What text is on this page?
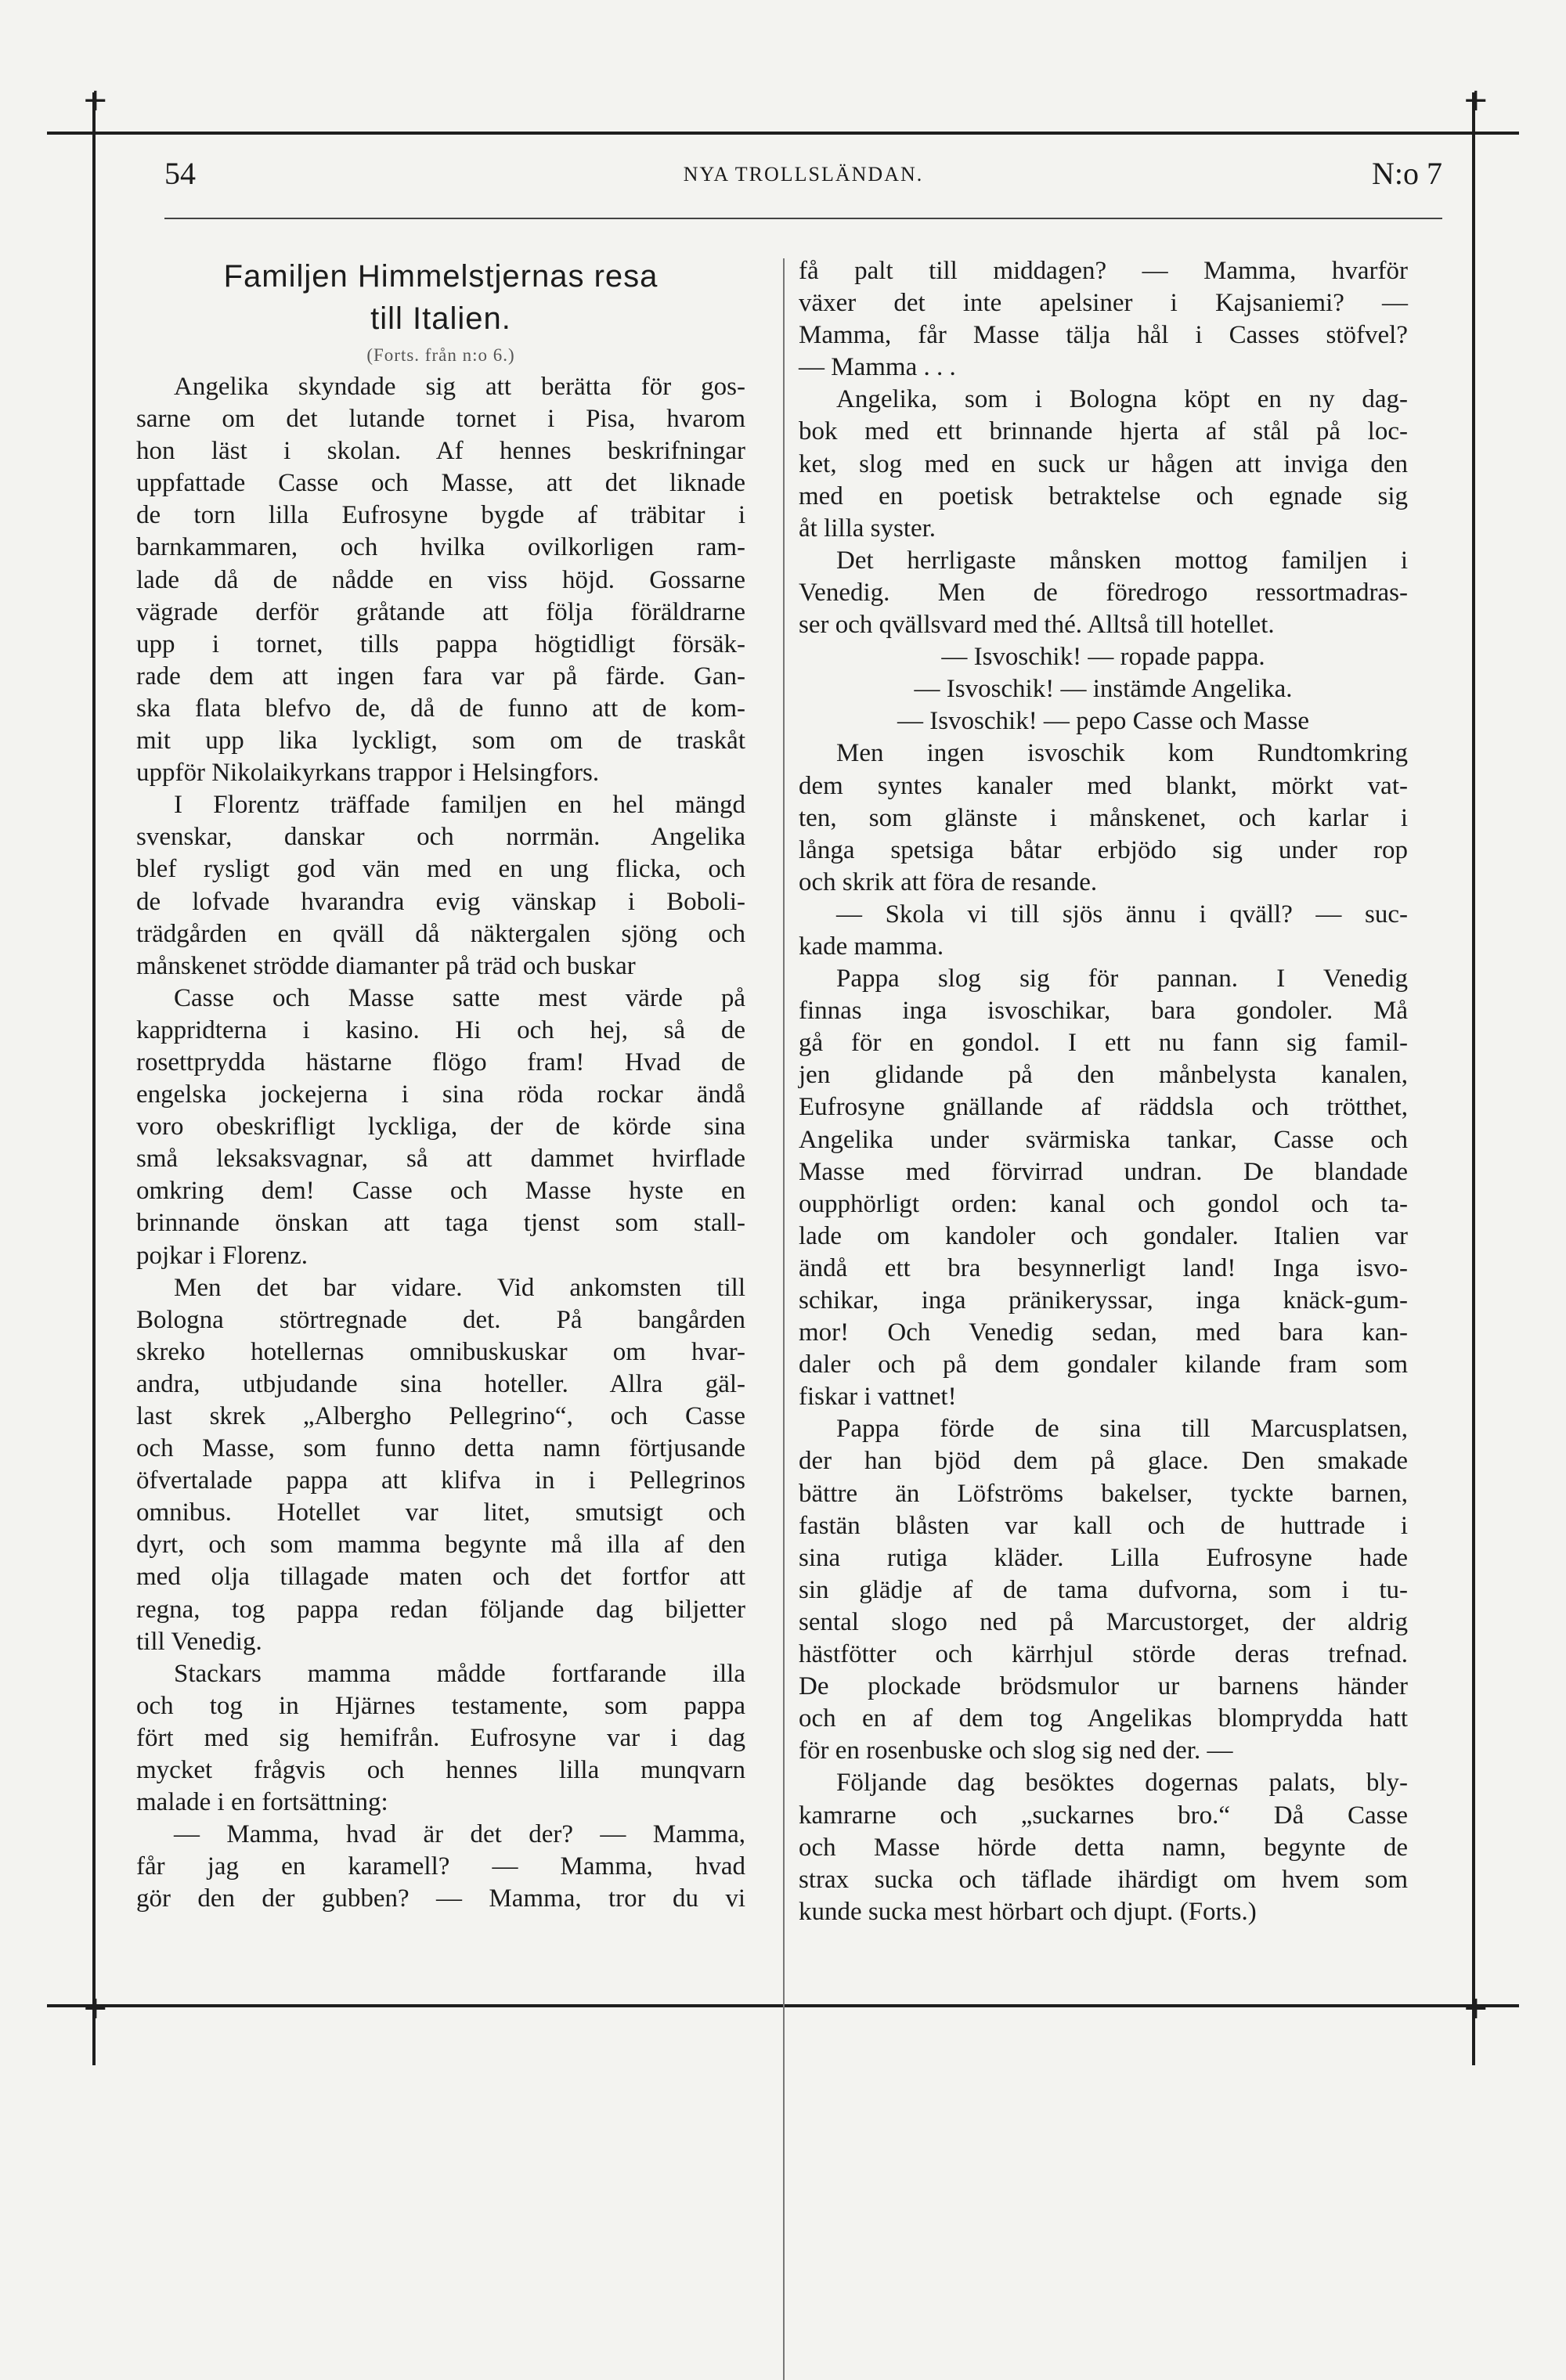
+	+
+	+
54	NYA TROLLSLÄNDAN.	N:o 7
Familjen Himmelstjernas resa
till Italien.
(Forts. från n:o 6.)
Angelika skyndade sig att berätta för gos-
sarne om det lutande tornet i Pisa, hvarom
hon läst i skolan. Af hennes beskrifningar
uppfattade Casse och Masse, att det liknade
de torn lilla Eufrosyne bygde af träbitar i
barnkammaren, och hvilka ovilkorligen ram-
lade då de nådde en viss höjd. Gossarne
vägrade derför gråtande att följa föräldrarne
upp i tornet, tills pappa högtidligt försäk-
rade dem att ingen fara var på färde. Gan-
ska flata blefvo de, då de funno att de kom-
mit upp lika lyckligt, som om de traskåt
uppför Nikolaikyrkans trappor i Helsingfors.
I Florentz träffade familjen en hel mängd
svenskar, danskar och norrmän. Angelika
blef rysligt god vän med en ung flicka, och
de lofvade hvarandra evig vänskap i Boboli-
trädgården en qväll då näktergalen sjöng och
månskenet strödde diamanter på träd och buskar
Casse och Masse satte mest värde på
kappridterna i kasino. Hi och hej, så de
rosettprydda hästarne flögo fram! Hvad de
engelska jockejerna i sina röda rockar ändå
voro obeskrifligt lyckliga, der de körde sina
små leksaksvagnar, så att dammet hvirflade
omkring dem! Casse och Masse hyste en
brinnande önskan att taga tjenst som stall-
pojkar i Florenz.
Men det bar vidare. Vid ankomsten till
Bologna störtregnade det. På bangården
skreko hotellernas omnibuskuskar om hvar-
andra, utbjudande sina hoteller. Allra gäl-
last skrek „Albergho Pellegrino“, och Casse
och Masse, som funno detta namn förtjusande
öfvertalade pappa att klifva in i Pellegrinos
omnibus. Hotellet var litet, smutsigt och
dyrt, och som mamma begynte må illa af den
med olja tillagade maten och det fortfor att
regna, tog pappa redan följande dag biljetter
till Venedig.
Stackars mamma mådde fortfarande illa
och tog in Hjärnes testamente, som pappa
fört med sig hemifrån. Eufrosyne var i dag
mycket frågvis och hennes lilla munqvarn
malade i en fortsättning:
— Mamma, hvad är det der? — Mamma,
får jag en karamell? — Mamma, hvad
gör den der gubben? — Mamma, tror du vi
få palt till middagen? — Mamma, hvarför
växer det inte apelsiner i Kajsaniemi? —
Mamma, får Masse tälja hål i Casses stöfvel?
— Mamma . . .
Angelika, som i Bologna köpt en ny dag-
bok med ett brinnande hjerta af stål på loc-
ket, slog med en suck ur hågen att inviga den
med en poetisk betraktelse och egnade sig
åt lilla syster.
Det herrligaste månsken mottog familjen i
Venedig. Men de föredrogo ressortmadras-
ser och qvällsvard med thé. Alltså till hotellet.
— Isvoschik! — ropade pappa.
— Isvoschik! — instämde Angelika.
— Isvoschik! — pepo Casse och Masse
Men ingen isvoschik kom Rundtomkring
dem syntes kanaler med blankt, mörkt vat-
ten, som glänste i månskenet, och karlar i
långa spetsiga båtar erbjödo sig under rop
och skrik att föra de resande.
— Skola vi till sjös ännu i qväll? — suc-
kade mamma.
Pappa slog sig för pannan. I Venedig
finnas inga isvoschikar, bara gondoler. Må
gå för en gondol. I ett nu fann sig famil-
jen glidande på den månbelysta kanalen,
Eufrosyne gnällande af räddsla och trötthet,
Angelika under svärmiska tankar, Casse och
Masse med förvirrad undran. De blandade
oupphörligt orden: kanal och gondol och ta-
lade om kandoler och gondaler. Italien var
ändå ett bra besynnerligt land! Inga isvo-
schikar, inga pränikeryssar, inga knäck-gum-
mor! Och Venedig sedan, med bara kan-
daler och på dem gondaler kilande fram som
fiskar i vattnet!
Pappa förde de sina till Marcusplatsen,
der han bjöd dem på glace. Den smakade
bättre än Löfströms bakelser, tyckte barnen,
fastän blåsten var kall och de huttrade i
sina rutiga kläder. Lilla Eufrosyne hade
sin glädje af de tama dufvorna, som i tu-
sental slogo ned på Marcustorget, der aldrig
hästfötter och kärrhjul störde deras trefnad.
De plockade brödsmulor ur barnens händer
och en af dem tog Angelikas blomprydda hatt
för en rosenbuske och slog sig ned der. —
Följande dag besöktes dogernas palats, bly-
kamrarne och „suckarnes bro.“ Då Casse
och Masse hörde detta namn, begynte de
strax sucka och täflade ihärdigt om hvem som
kunde sucka mest hörbart och djupt. (Forts.)
